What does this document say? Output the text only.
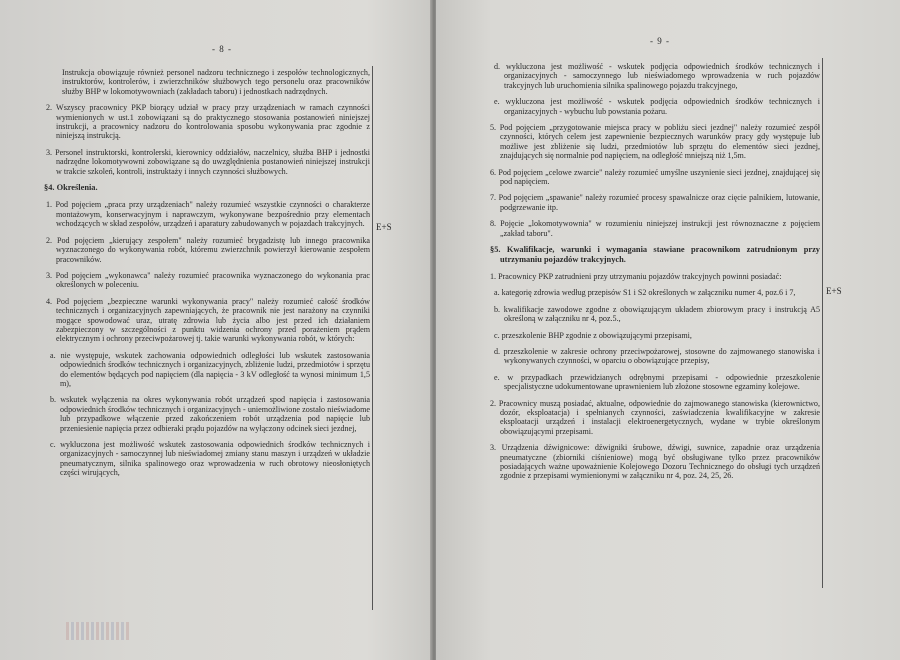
- 8 -
E+S

Instrukcja obowiązuje również personel nadzoru technicznego i zespołów technologicznych, instruktorów, kontrolerów, i zwierzchników służbowych tego personelu oraz pracowników służby BHP w lokomotywowniach (zakładach taboru) i jednostkach nadrzędnych.

2. Wszyscy pracownicy PKP biorący udział w pracy przy urządzeniach w ramach czynności wymienionych w ust.1 zobowiązani są do praktycznego stosowania postanowień niniejszej instrukcji, a pracownicy nadzoru do kontrolowania sposobu wykonywania prac zgodnie z niniejszą instrukcją.

3. Personel instruktorski, kontrolerski, kierownicy oddziałów, naczelnicy, służba BHP i jednostki nadrzędne lokomotywowni zobowiązane są do uwzględnienia postanowień niniejszej instrukcji w trakcie szkoleń, kontroli, instruktaży i innych czynności służbowych.

§4. Określenia.

1. Pod pojęciem „praca przy urządzeniach" należy rozumieć wszystkie czynności o charakterze montażowym, konserwacyjnym i naprawczym, wykonywane bezpośrednio przy elementach wchodzących w skład zespołów, urządzeń i aparatury zabudowanych w pojazdach trakcyjnych.

2. Pod pojęciem „kierujący zespołem" należy rozumieć brygadzistę lub innego pracownika wyznaczonego do wykonywania robót, któremu zwierzchnik powierzył kierowanie zespołem pracowników.

3. Pod pojęciem „wykonawca" należy rozumieć pracownika wyznaczonego do wykonania prac określonych w poleceniu.

4. Pod pojęciem „bezpieczne warunki wykonywania pracy" należy rozumieć całość środków technicznych i organizacyjnych zapewniających, że pracownik nie jest narażony na czynniki mogące spowodować uraz, utratę zdrowia lub życia albo jest przed ich działaniem zabezpieczony w szczególności z punktu widzenia ochrony przed porażeniem prądem elektrycznym i ochrony przeciwpożarowej tj. takie warunki wykonywania robót, w których:

a. nie występuje, wskutek zachowania odpowiednich odległości lub wskutek zastosowania odpowiednich środków technicznych i organizacyjnych, zbliżenie ludzi, przedmiotów i sprzętu do elementów będących pod napięciem (dla napięcia - 3 kV odległość ta wynosi minimum 1,5 m),

b. wskutek wyłączenia na okres wykonywania robót urządzeń spod napięcia i zastosowania odpowiednich środków technicznych i organizacyjnych - uniemożliwione zostało nieświadome lub przypadkowe włączenie przed zakończeniem robót urządzenia pod napięcie lub przeniesienie napięcia przez odbieraki prądu pojazdów na wyłączony odcinek sieci jezdnej,

c. wykluczona jest możliwość wskutek zastosowania odpowiednich środków technicznych i organizacyjnych - samoczynnej lub nieświadomej zmiany stanu maszyn i urządzeń w układzie pneumatycznym, silnika spalinowego oraz wprowadzenia w ruch obrotowy nieosłoniętych części wirujących,

- 9 -
E+S

d. wykluczona jest możliwość - wskutek podjęcia odpowiednich środków technicznych i organizacyjnych - samoczynnego lub nieświadomego wprowadzenia w ruch pojazdów trakcyjnych lub uruchomienia silnika spalinowego pojazdu trakcyjnego,

e. wykluczona jest możliwość - wskutek podjęcia odpowiednich środków technicznych i organizacyjnych - wybuchu lub powstania pożaru.

5. Pod pojęciem „przygotowanie miejsca pracy w pobliżu sieci jezdnej" należy rozumieć zespół czynności, których celem jest zapewnienie bezpiecznych warunków pracy gdy występuje lub możliwe jest zbliżenie się ludzi, przedmiotów lub sprzętu do elementów sieci jezdnej, znajdujących się normalnie pod napięciem, na odległość mniejszą niż 1,5m.

6. Pod pojęciem „celowe zwarcie" należy rozumieć umyślne uszynienie sieci jezdnej, znajdującej się pod napięciem.

7. Pod pojęciem „spawanie" należy rozumieć procesy spawalnicze oraz cięcie palnikiem, lutowanie, podgrzewanie itp.

8. Pojęcie „lokomotywownia" w rozumieniu niniejszej instrukcji jest równoznaczne z pojęciem „zakład taboru".

§5. Kwalifikacje, warunki i wymagania stawiane pracownikom zatrudnionym przy utrzymaniu pojazdów trakcyjnych.

1. Pracownicy PKP zatrudnieni przy utrzymaniu pojazdów trakcyjnych powinni posiadać:

a. kategorię zdrowia według przepisów S1 i S2 określonych w załączniku numer 4, poz.6 i 7,

b. kwalifikacje zawodowe zgodne z obowiązującym układem zbiorowym pracy i instrukcją A5 określoną w załączniku nr 4, poz.5.,

c. przeszkolenie BHP zgodnie z obowiązującymi przepisami,

d. przeszkolenie w zakresie ochrony przeciwpożarowej, stosowne do zajmowanego stanowiska i wykonywanych czynności, w oparciu o obowiązujące przepisy,

e. w przypadkach przewidzianych odrębnymi przepisami - odpowiednie przeszkolenie specjalistyczne udokumentowane uprawnieniem lub złożone stosowne egzaminy kolejowe.

2. Pracownicy muszą posiadać, aktualne, odpowiednie do zajmowanego stanowiska (kierownictwo, dozór, eksploatacja) i spełnianych czynności, zaświadczenia kwalifikacyjne w zakresie eksploatacji urządzeń i instalacji elektroenergetycznych, wydane w trybie określonym obowiązującymi przepisami.

3. Urządzenia dźwignicowe: dźwigniki śrubowe, dźwigi, suwnice, zapadnie oraz urządzenia pneumatyczne (zbiorniki ciśnieniowe) mogą być obsługiwane tylko przez pracowników posiadających ważne upoważnienie Kolejowego Dozoru Technicznego do obsługi tych urządzeń zgodnie z przepisami wymienionymi w załączniku nr 4, poz. 24, 25, 26.
